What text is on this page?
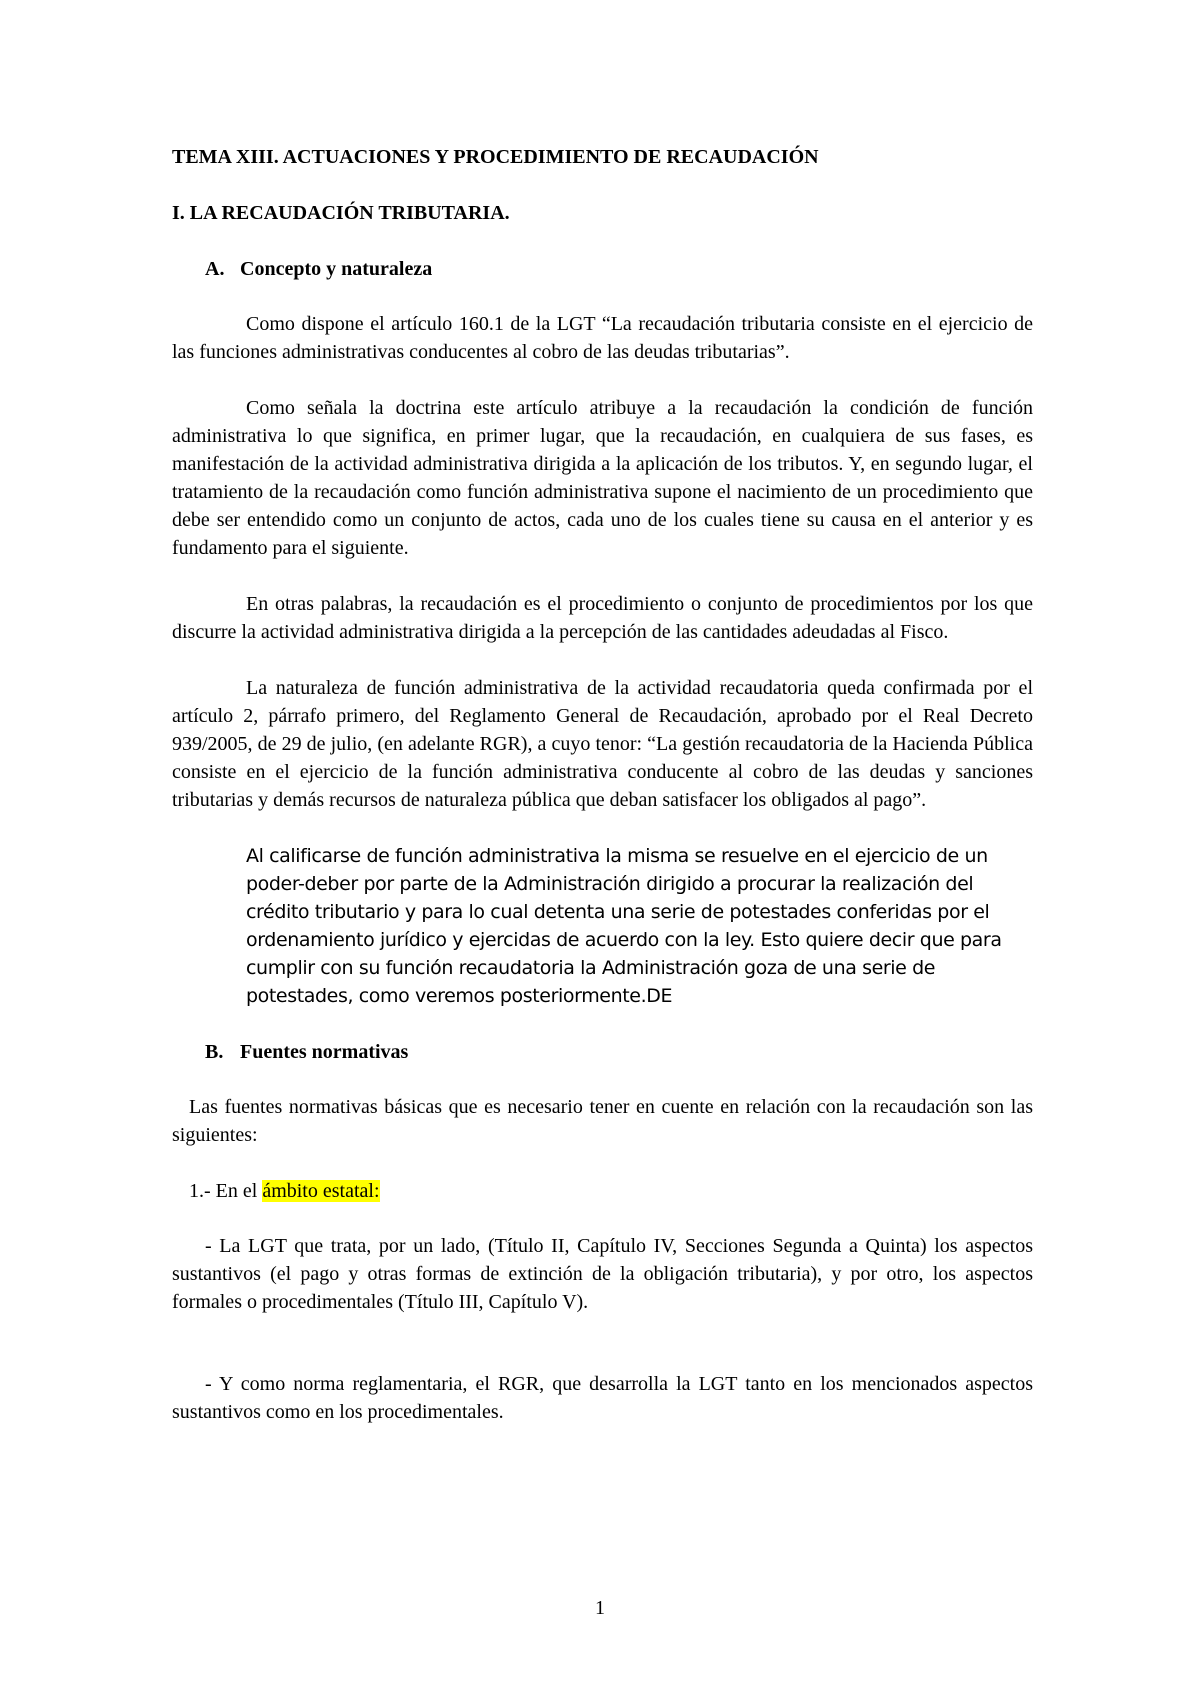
TEMA XIII. ACTUACIONES Y PROCEDIMIENTO DE RECAUDACIÓN

I. LA RECAUDACIÓN TRIBUTARIA.

A. Concepto y naturaleza

Como dispone el artículo 160.1 de la LGT “La recaudación tributaria consiste en el ejercicio de las funciones administrativas conducentes al cobro de las deudas tributarias”.

Como señala la doctrina este artículo atribuye a la recaudación la condición de función administrativa lo que significa, en primer lugar, que la recaudación, en cualquiera de sus fases, es manifestación de la actividad administrativa dirigida a la aplicación de los tributos. Y, en segundo lugar, el tratamiento de la recaudación como función administrativa supone el nacimiento de un procedimiento que debe ser entendido como un conjunto de actos, cada uno de los cuales tiene su causa en el anterior y es fundamento para el siguiente.

En otras palabras, la recaudación es el procedimiento o conjunto de procedimientos por los que discurre la actividad administrativa dirigida a la percepción de las cantidades adeudadas al Fisco.

La naturaleza de función administrativa de la actividad recaudatoria queda confirmada por el artículo 2, párrafo primero, del Reglamento General de Recaudación, aprobado por el Real Decreto 939/2005, de 29 de julio, (en adelante RGR), a cuyo tenor: “La gestión recaudatoria de la Hacienda Pública consiste en el ejercicio de la función administrativa conducente al cobro de las deudas y sanciones tributarias y demás recursos de naturaleza pública que deban satisfacer los obligados al pago”.

Al calificarse de función administrativa la misma se resuelve en el ejercicio de un poder-deber por parte de la Administración dirigido a procurar la realización del crédito tributario y para lo cual detenta una serie de potestades conferidas por el ordenamiento jurídico y ejercidas de acuerdo con la ley. Esto quiere decir que para cumplir con su función recaudatoria la Administración goza de una serie de potestades, como veremos posteriormente.DE

B. Fuentes normativas

Las fuentes normativas básicas que es necesario tener en cuente en relación con la recaudación son las siguientes:

1.- En el ámbito estatal:

- La LGT que trata, por un lado, (Título II, Capítulo IV, Secciones Segunda a Quinta) los aspectos sustantivos (el pago y otras formas de extinción de la obligación tributaria), y por otro, los aspectos formales o procedimentales (Título III, Capítulo V).

- Y como norma reglamentaria, el RGR, que desarrolla la LGT tanto en los mencionados aspectos sustantivos como en los procedimentales.

1
